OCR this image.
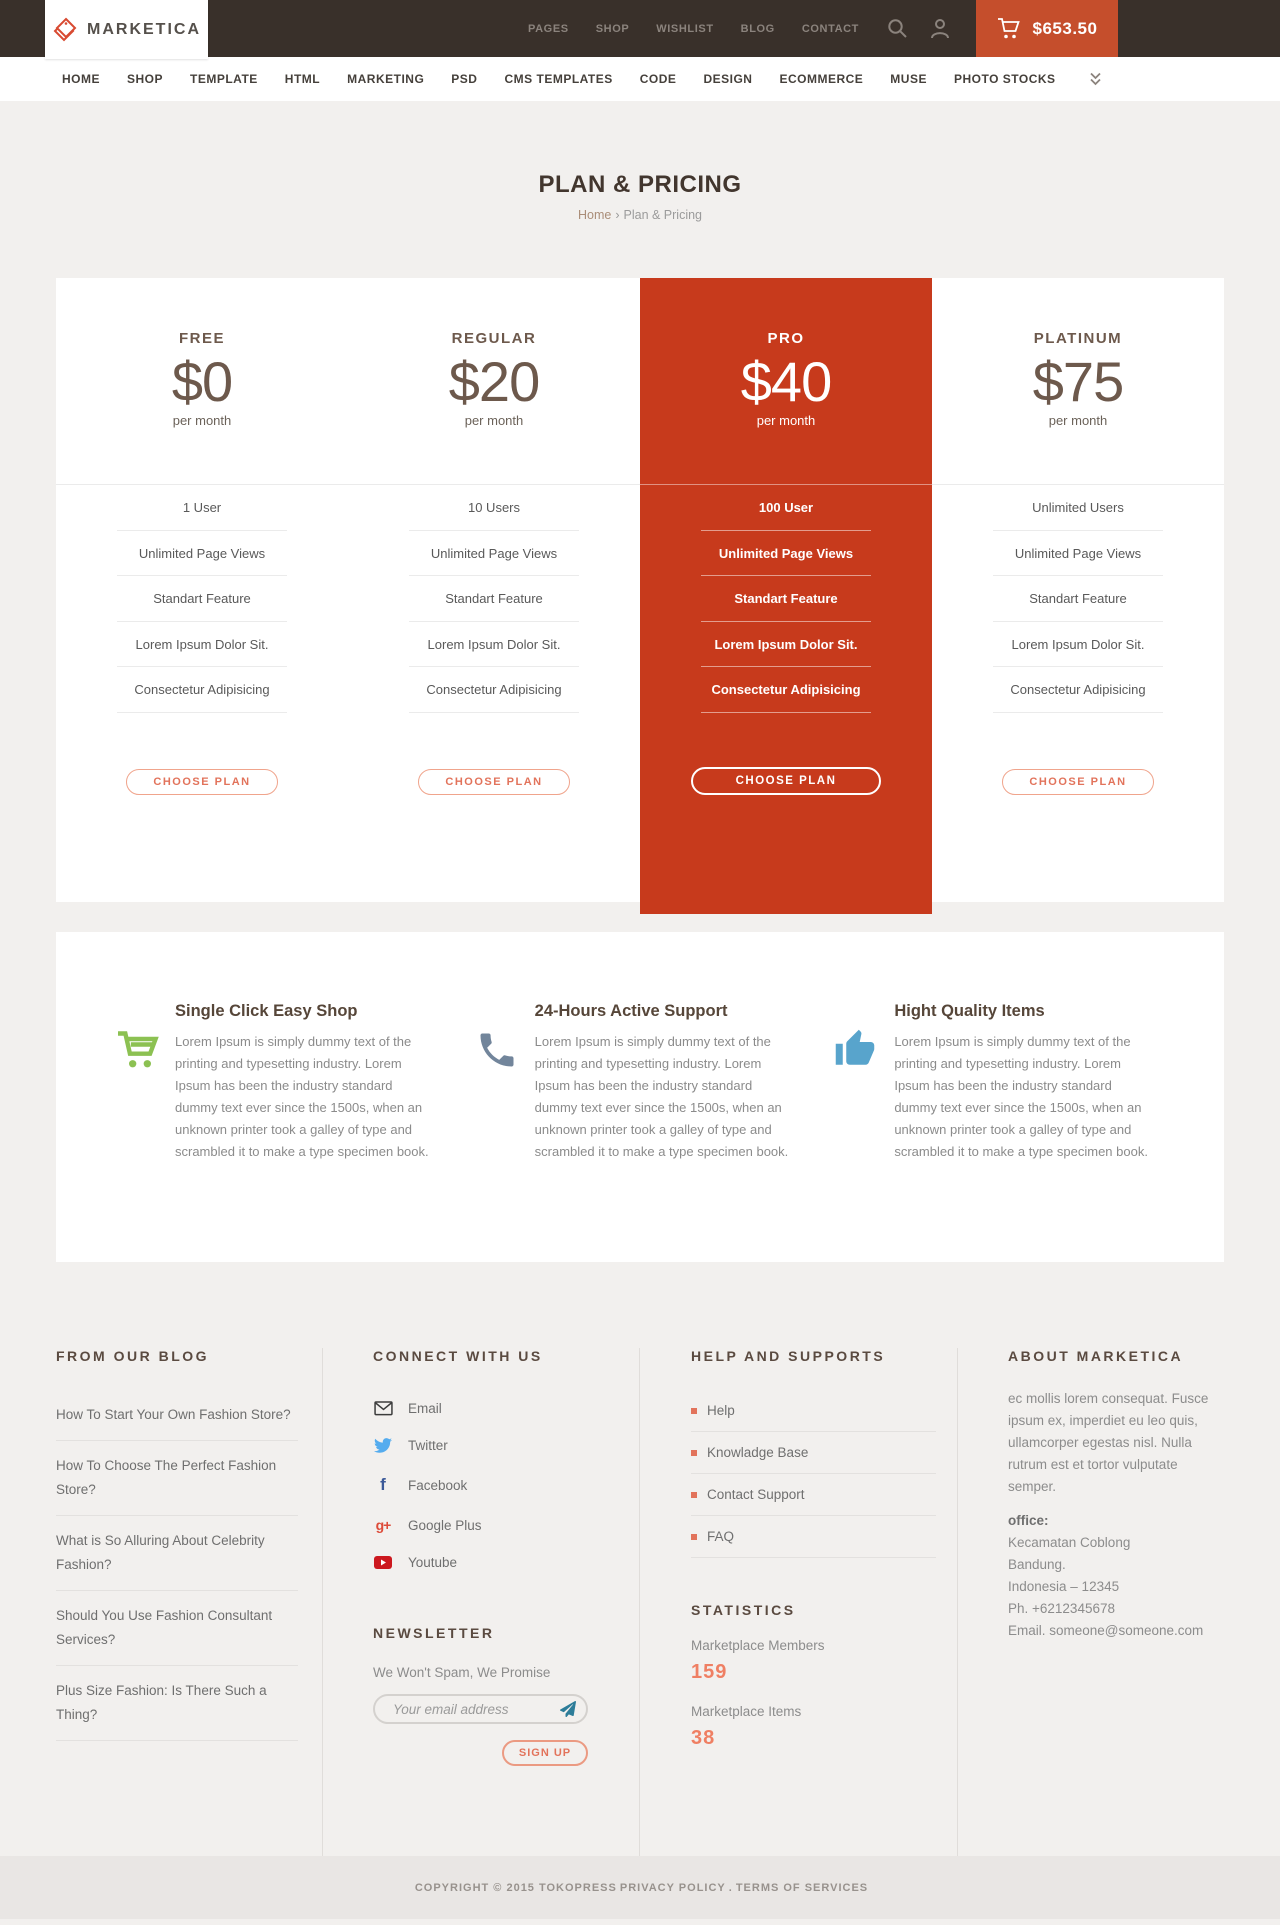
MARKETICA	PAGES SHOP WISHLIST BLOG CONTACT	$653.50
HOME SHOP TEMPLATE HTML MARKETING PSD CMS TEMPLATES CODE DESIGN ECOMMERCE MUSE PHOTO STOCKS
PLAN & PRICING
Home › Plan & Pricing
FREE
$0
per month
1 User
Unlimited Page Views
Standart Feature
Lorem Ipsum Dolor Sit.
Consectetur Adipisicing
CHOOSE PLAN
REGULAR
$20
per month
10 Users
Unlimited Page Views
Standart Feature
Lorem Ipsum Dolor Sit.
Consectetur Adipisicing
CHOOSE PLAN
PRO
$40
per month
100 User
Unlimited Page Views
Standart Feature
Lorem Ipsum Dolor Sit.
Consectetur Adipisicing
CHOOSE PLAN
PLATINUM
$75
per month
Unlimited Users
Unlimited Page Views
Standart Feature
Lorem Ipsum Dolor Sit.
Consectetur Adipisicing
CHOOSE PLAN
Single Click Easy Shop

Lorem Ipsum is simply dummy text of the printing and typesetting industry. Lorem Ipsum has been the industry standard dummy text ever since the 1500s, when an unknown printer took a galley of type and scrambled it to make a type specimen book.

24-Hours Active Support

Lorem Ipsum is simply dummy text of the printing and typesetting industry. Lorem Ipsum has been the industry standard dummy text ever since the 1500s, when an unknown printer took a galley of type and scrambled it to make a type specimen book.

Hight Quality Items

Lorem Ipsum is simply dummy text of the printing and typesetting industry. Lorem Ipsum has been the industry standard dummy text ever since the 1500s, when an unknown printer took a galley of type and scrambled it to make a type specimen book.

FROM OUR BLOG
How To Start Your Own Fashion Store?
How To Choose The Perfect Fashion Store?
What is So Alluring About Celebrity Fashion?
Should You Use Fashion Consultant Services?
Plus Size Fashion: Is There Such a Thing?
CONNECT WITH US
Email
Twitter
f Facebook
g+ Google Plus
Youtube
NEWSLETTER

We Won't Spam, We Promise

Your email address
SIGN UP
HELP AND SUPPORTS
Help
Knowladge Base
Contact Support
FAQ
STATISTICS
Marketplace Members
159
Marketplace Items
38
ABOUT MARKETICA

ec mollis lorem consequat. Fusce ipsum ex, imperdiet eu leo quis, ullamcorper egestas nisl. Nulla rutrum est et tortor vulputate semper.

office:

Kecamatan Coblong

Bandung.

Indonesia – 12345

Ph. +6212345678

Email. someone@someone.com

COPYRIGHT © 2015 TOKOPRESS PRIVACY POLICY . TERMS OF SERVICES
